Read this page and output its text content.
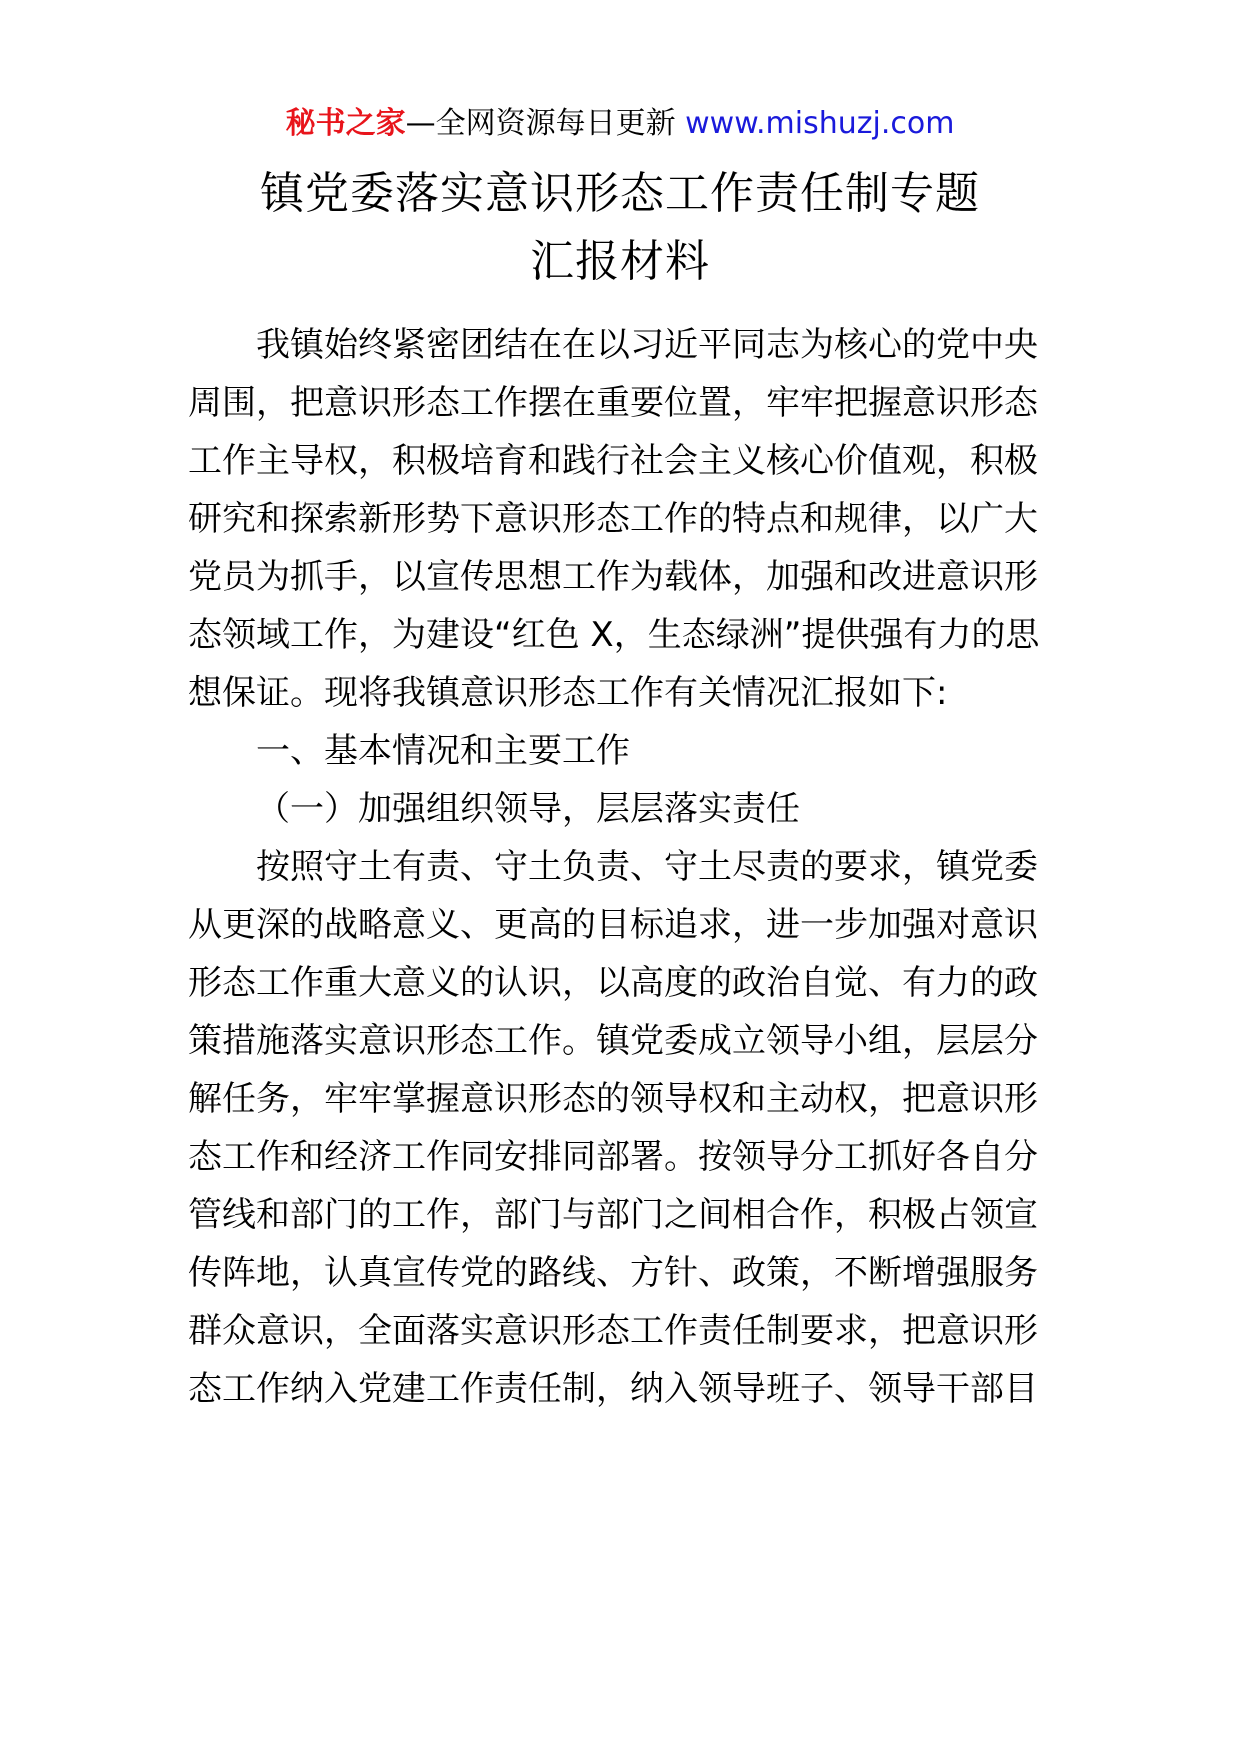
秘书之家—全网资源每日更新 www.mishuzj.com
镇党委落实意识形态工作责任制专题
汇报材料
我镇始终紧密团结在在以习近平同志为核心的党中央
周围，把意识形态工作摆在重要位置，牢牢把握意识形态
工作主导权，积极培育和践行社会主义核心价值观，积极
研究和探索新形势下意识形态工作的特点和规律，以广大
党员为抓手，以宣传思想工作为载体，加强和改进意识形
态领域工作，为建设“红色 X，生态绿洲”提供强有力的思
想保证。现将我镇意识形态工作有关情况汇报如下:
一、基本情况和主要工作
（一）加强组织领导，层层落实责任
按照守土有责、守土负责、守土尽责的要求，镇党委
从更深的战略意义、更高的目标追求，进一步加强对意识
形态工作重大意义的认识，以高度的政治自觉、有力的政
策措施落实意识形态工作。镇党委成立领导小组，层层分
解任务，牢牢掌握意识形态的领导权和主动权，把意识形
态工作和经济工作同安排同部署。按领导分工抓好各自分
管线和部门的工作，部门与部门之间相合作，积极占领宣
传阵地，认真宣传党的路线、方针、政策，不断增强服务
群众意识，全面落实意识形态工作责任制要求，把意识形
态工作纳入党建工作责任制，纳入领导班子、领导干部目
